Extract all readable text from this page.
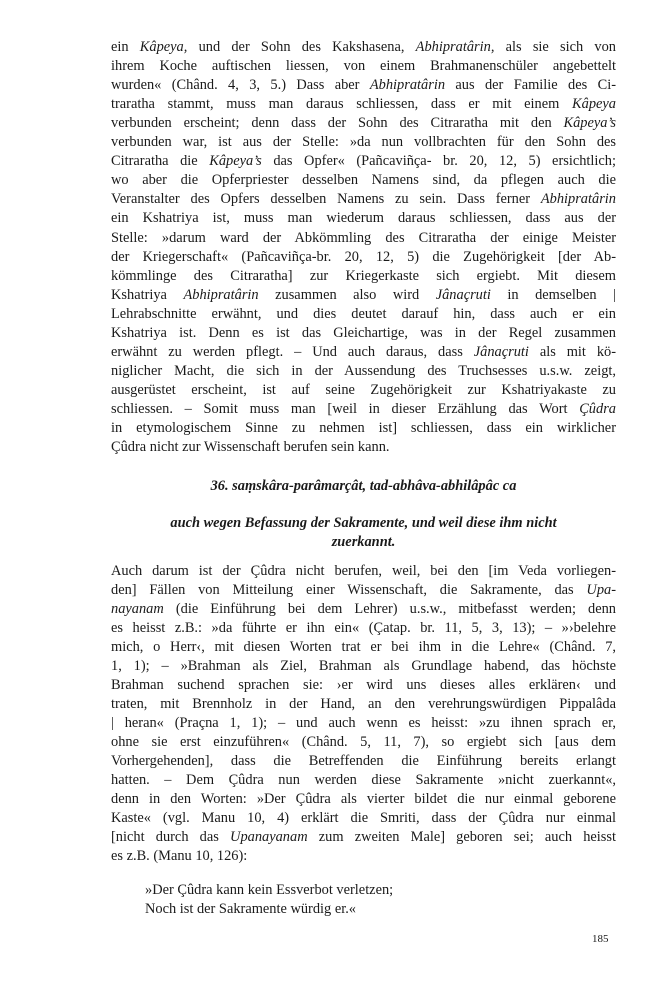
ein Kâpeya, und der Sohn des Kakshasena, Abhipratârin, als sie sich von
ihrem Koche auftischen liessen, von einem Brahmanenschüler angebettelt
wurden« (Chând. 4, 3, 5.) Dass aber Abhipratârin aus der Familie des Ci-
traratha stammt, muss man daraus schliessen, dass er mit einem Kâpeya
verbunden erscheint; denn dass der Sohn des Citraratha mit den Kâpeya’s
verbunden war, ist aus der Stelle: »da nun vollbrachten für den Sohn des
Citraratha die Kâpeya’s das Opfer« (Pañcaviñça- br. 20, 12, 5) ersichtlich;
wo aber die Opferpriester desselben Namens sind, da pflegen auch die
Veranstalter des Opfers desselben Namens zu sein. Dass ferner Abhipratârin
ein Kshatriya ist, muss man wiederum daraus schliessen, dass aus der
Stelle: »darum ward der Abkömmling des Citraratha der einige Meister
der Kriegerschaft« (Pañcaviñça-br. 20, 12, 5) die Zugehörigkeit [der Ab-
kömmlinge des Citraratha] zur Kriegerkaste sich ergiebt. Mit diesem
Kshatriya Abhipratârin zusammen also wird Jânaçruti in demselben |
Lehrabschnitte erwähnt, und dies deutet darauf hin, dass auch er ein
Kshatriya ist. Denn es ist das Gleichartige, was in der Regel zusammen
erwähnt zu werden pflegt. – Und auch daraus, dass Jânaçruti als mit kö-
niglicher Macht, die sich in der Aussendung des Truchsesses u.s.w. zeigt,
ausgerüstet erscheint, ist auf seine Zugehörigkeit zur Kshatriyakaste zu
schliessen. – Somit muss man [weil in dieser Erzählung das Wort Çûdra
in etymologischem Sinne zu nehmen ist] schliessen, dass ein wirklicher
Çûdra nicht zur Wissenschaft berufen sein kann.
36. saṃskâra-parâmarçât, tad-abhâva-abhilâpâc ca
auch wegen Befassung der Sakramente, und weil diese ihm nicht
zuerkannt.
Auch darum ist der Çûdra nicht berufen, weil, bei den [im Veda vorliegen-
den] Fällen von Mitteilung einer Wissenschaft, die Sakramente, das Upa-
nayanam (die Einführung bei dem Lehrer) u.s.w., mitbefasst werden; denn
es heisst z.B.: »da führte er ihn ein« (Çatap. br. 11, 5, 3, 13); – »›belehre
mich, o Herr‹, mit diesen Worten trat er bei ihm in die Lehre« (Chând. 7,
1, 1); – »Brahman als Ziel, Brahman als Grundlage habend, das höchste
Brahman suchend sprachen sie: ›er wird uns dieses alles erklären‹ und
traten, mit Brennholz in der Hand, an den verehrungswürdigen Pippalâda
| heran« (Praçna 1, 1); – und auch wenn es heisst: »zu ihnen sprach er,
ohne sie erst einzuführen« (Chând. 5, 11, 7), so ergiebt sich [aus dem
Vorhergehenden], dass die Betreffenden die Einführung bereits erlangt
hatten. – Dem Çûdra nun werden diese Sakramente »nicht zuerkannt«,
denn in den Worten: »Der Çûdra als vierter bildet die nur einmal geborene
Kaste« (vgl. Manu 10, 4) erklärt die Smriti, dass der Çûdra nur einmal
[nicht durch das Upanayanam zum zweiten Male] geboren sei; auch heisst
es z.B. (Manu 10, 126):
»Der Çûdra kann kein Essverbot verletzen;
Noch ist der Sakramente würdig er.«
185
